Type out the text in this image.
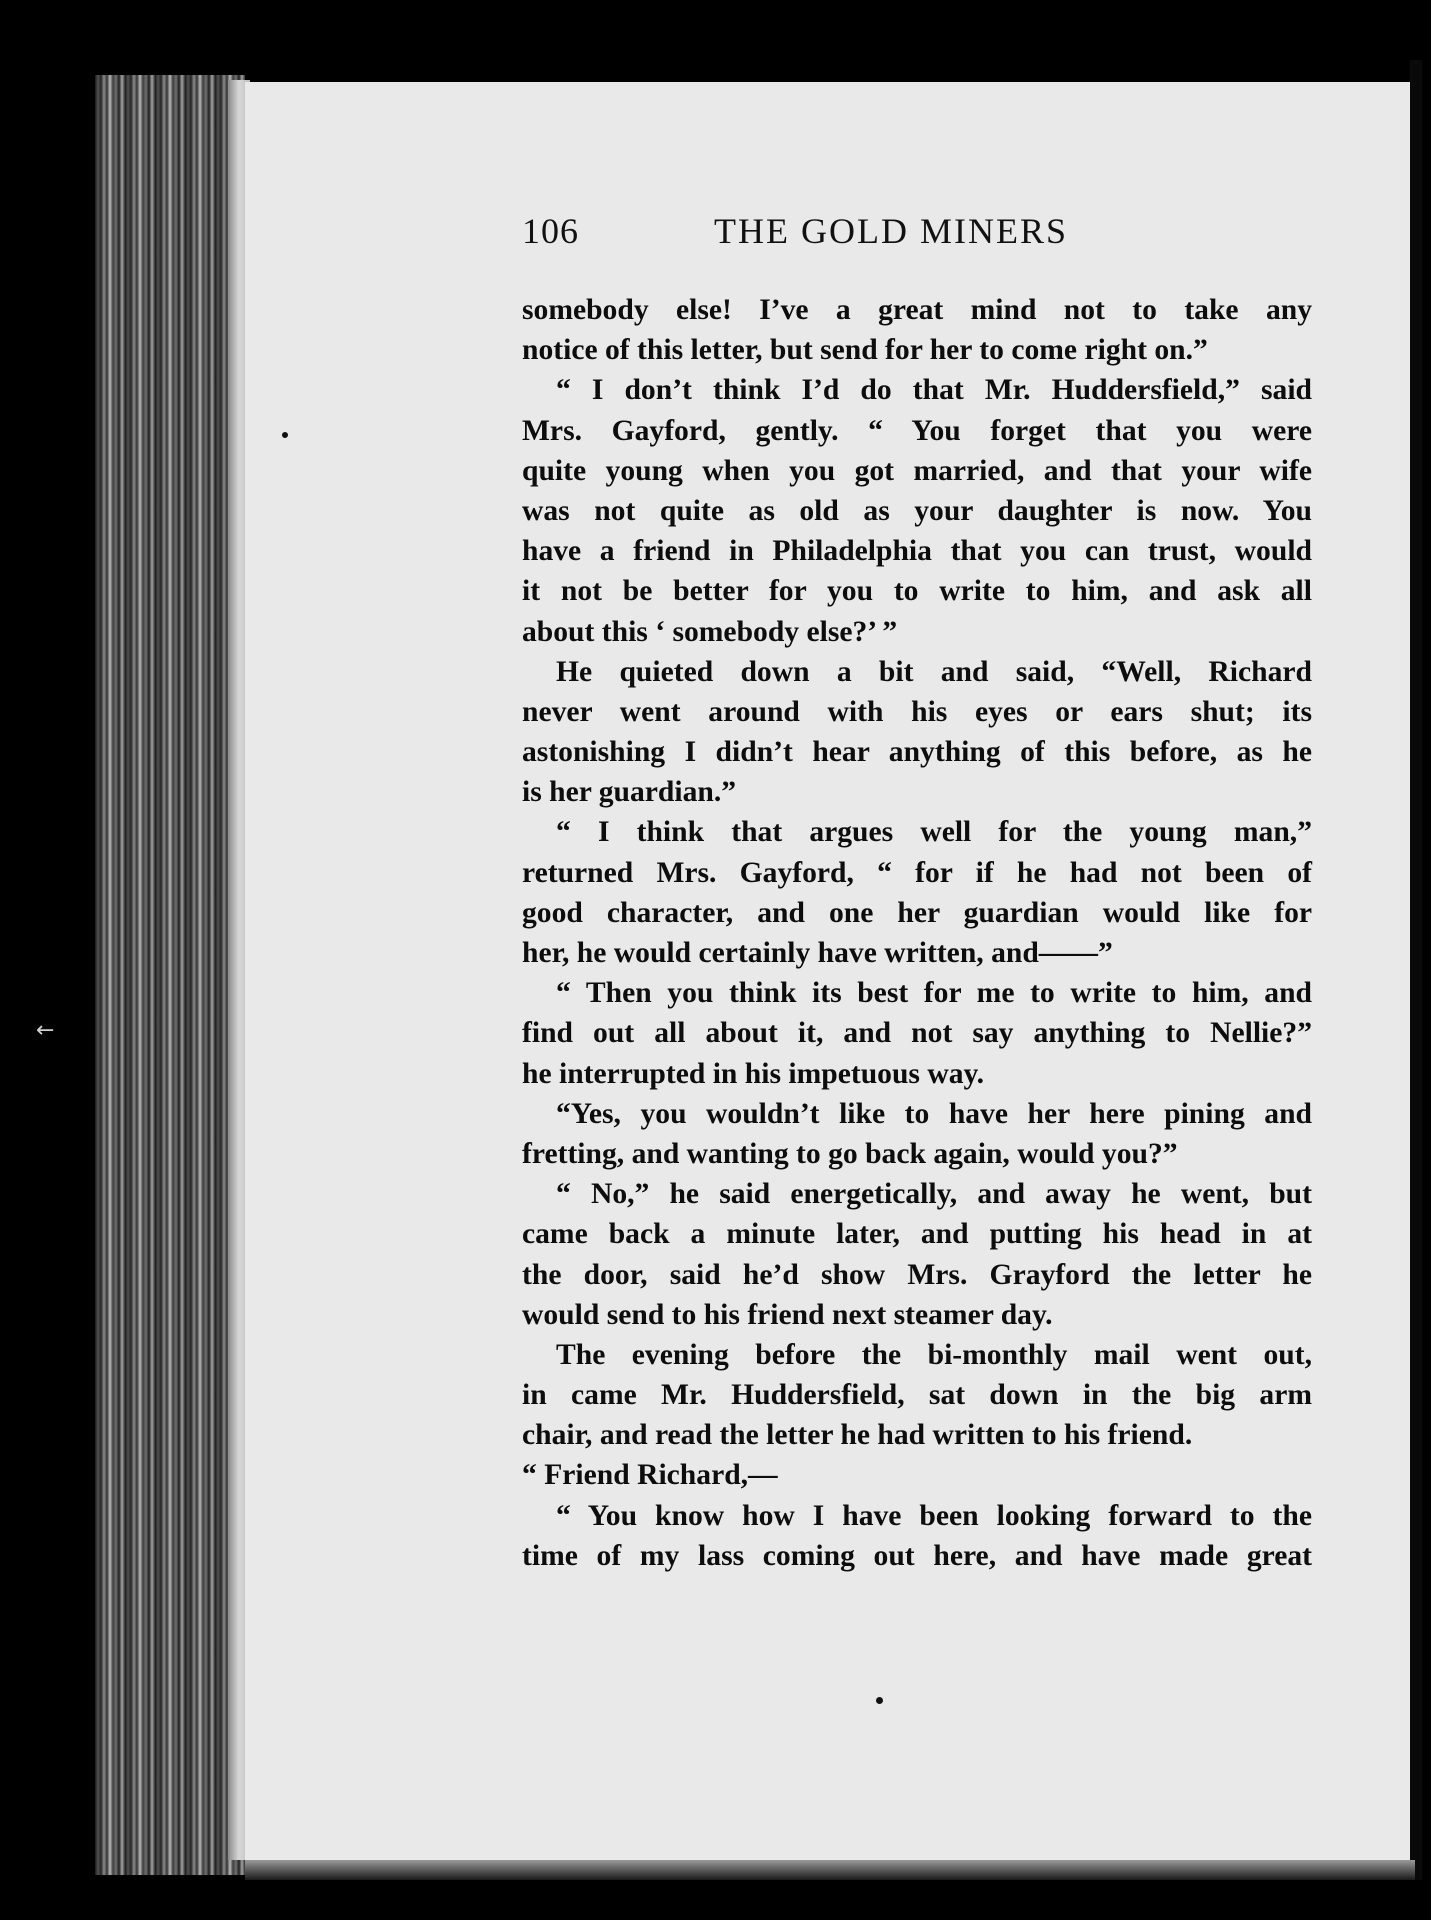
106	THE GOLD MINERS
somebody else! I’ve a great mind not to take any
notice of this letter, but send for her to come right on.”
“ I don’t think I’d do that Mr. Huddersfield,” said
Mrs. Gayford, gently. “ You forget that you were
quite young when you got married, and that your wife
was not quite as old as your daughter is now. You
have a friend in Philadelphia that you can trust, would
it not be better for you to write to him, and ask all
about this ‘ somebody else?’ ”
He quieted down a bit and said, “Well, Richard
never went around with his eyes or ears shut; its
astonishing I didn’t hear anything of this before, as he
is her guardian.”
“ I think that argues well for the young man,”
returned Mrs. Gayford, “ for if he had not been of
good character, and one her guardian would like for
her, he would certainly have written, and——”
“ Then you think its best for me to write to him, and
find out all about it, and not say anything to Nellie?”
he interrupted in his impetuous way.
“Yes, you wouldn’t like to have her here pining and
fretting, and wanting to go back again, would you?”
“ No,” he said energetically, and away he went, but
came back a minute later, and putting his head in at
the door, said he’d show Mrs. Grayford the letter he
would send to his friend next steamer day.
The evening before the bi-monthly mail went out,
in came Mr. Huddersfield, sat down in the big arm
chair, and read the letter he had written to his friend.
“ Friend Richard,—
“ You know how I have been looking forward to the
time of my lass coming out here, and have made great
←
